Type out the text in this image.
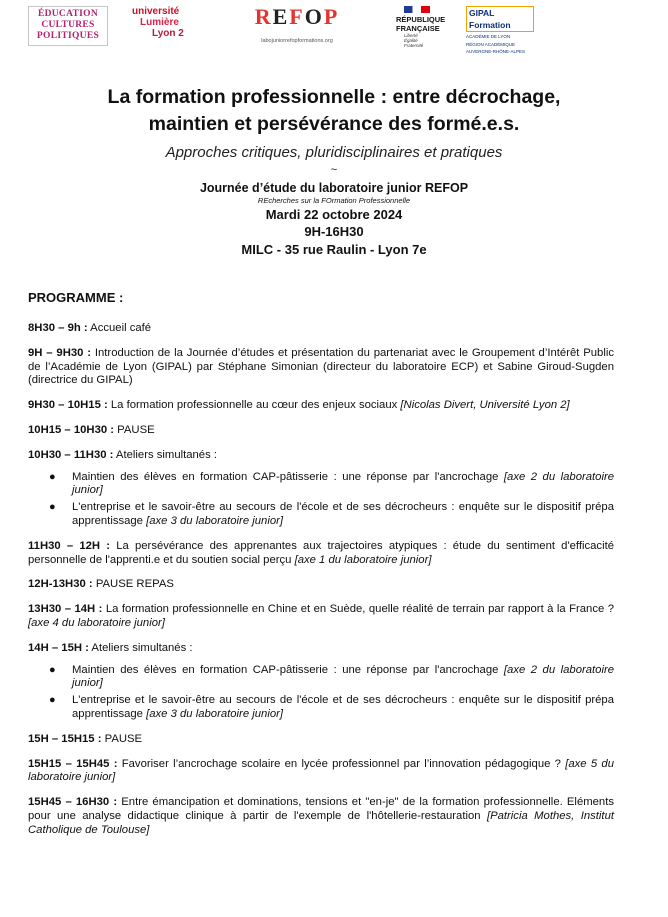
ÉDUCATION
CULTURES
POLITIQUES
université
Lumière
Lyon 2
REFOP
labojuniorrefopformations.org
RÉPUBLIQUE
FRANÇAISE
Liberté
Égalité
Fraternité
GIPAL Formation
ACADÉMIE DE LYON
RÉGION ACADÉMIQUE
AUVERGNE-RHÔNE-ALPES
La formation professionnelle : entre décrochage,
maintien et persévérance des formé.e.s.
Approches critiques, pluridisciplinaires et pratiques
~
Journée d’étude du laboratoire junior REFOP
REcherches sur la FOrmation Professionnelle
Mardi 22 octobre 2024
9H-16H30
MILC - 35 rue Raulin - Lyon 7e
PROGRAMME :

8H30 – 9h : Accueil café

9H – 9H30 : Introduction de la Journée d’études et présentation du partenariat avec le Groupement d’Intérêt Public de l’Académie de Lyon (GIPAL) par Stéphane Simonian (directeur du laboratoire ECP) et Sabine Giroud-Sugden (directrice du GIPAL)

9H30 – 10H15 : La formation professionnelle au cœur des enjeux sociaux [Nicolas Divert, Université Lyon 2]

10H15 – 10H30 : PAUSE

10H30 – 11H30 : Ateliers simultanés :

● Maintien des élèves en formation CAP-pâtisserie : une réponse par l'ancrochage [axe 2 du laboratoire junior]
● L'entreprise et le savoir-être au secours de l'école et de ses décrocheurs : enquête sur le dispositif prépa apprentissage [axe 3 du laboratoire junior]

11H30 – 12H : La persévérance des apprenantes aux trajectoires atypiques : étude du sentiment d'efficacité personnelle de l'apprenti.e et du soutien social perçu [axe 1 du laboratoire junior]

12H-13H30 : PAUSE REPAS

13H30 – 14H : La formation professionnelle en Chine et en Suède, quelle réalité de terrain par rapport à la France ? [axe 4 du laboratoire junior]

14H – 15H : Ateliers simultanés :

● Maintien des élèves en formation CAP-pâtisserie : une réponse par l'ancrochage [axe 2 du laboratoire junior]
● L'entreprise et le savoir-être au secours de l'école et de ses décrocheurs : enquête sur le dispositif prépa apprentissage [axe 3 du laboratoire junior]

15H – 15H15 : PAUSE

15H15 – 15H45 : Favoriser l’ancrochage scolaire en lycée professionnel par l’innovation pédagogique ? [axe 5 du laboratoire junior]

15H45 – 16H30 : Entre émancipation et dominations, tensions et "en-je" de la formation professionnelle. Eléments pour une analyse didactique clinique à partir de l'exemple de l'hôtellerie-restauration [Patricia Mothes, Institut Catholique de Toulouse]
